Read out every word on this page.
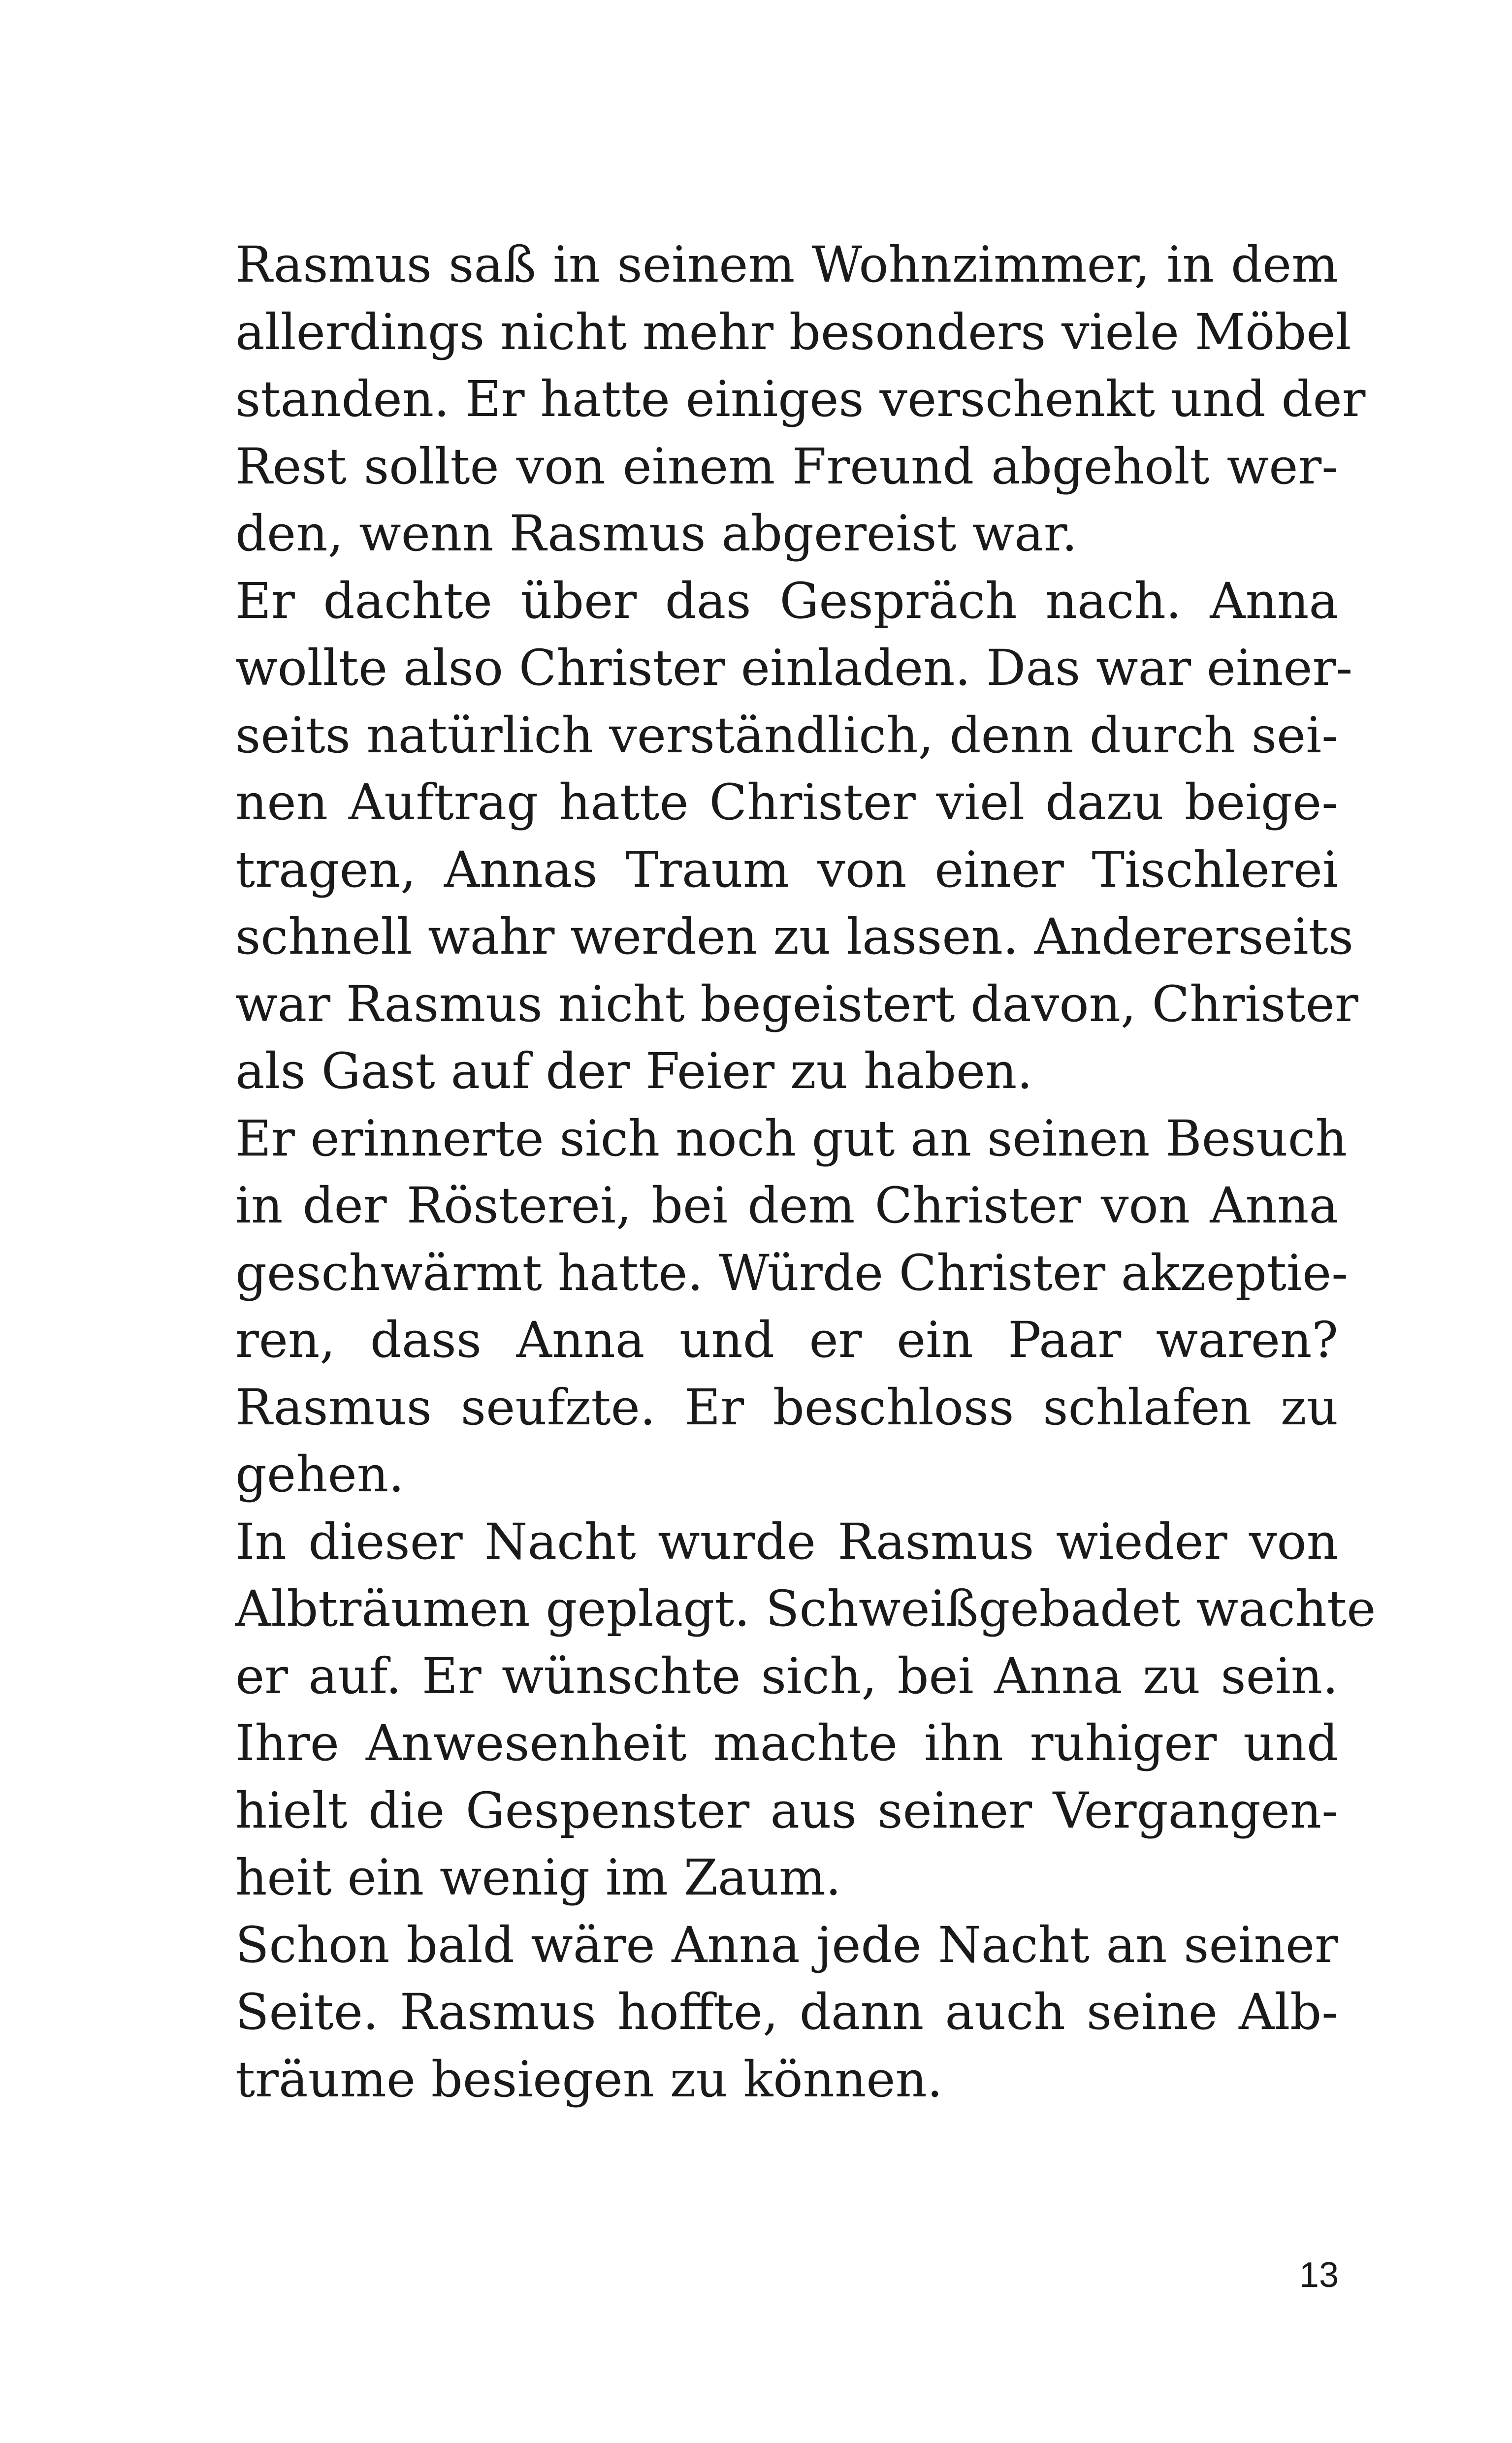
Rasmus saß in seinem Wohnzimmer, in dem
allerdings nicht mehr besonders viele Möbel
standen. Er hatte einiges verschenkt und der
Rest sollte von einem Freund abgeholt wer-
den, wenn Rasmus abgereist war.
Er dachte über das Gespräch nach. Anna
wollte also Christer einladen. Das war einer-
seits natürlich verständlich, denn durch sei-
nen Auftrag hatte Christer viel dazu beige-
tragen, Annas Traum von einer Tischlerei
schnell wahr werden zu lassen. Andererseits
war Rasmus nicht begeistert davon, Christer
als Gast auf der Feier zu haben.
Er erinnerte sich noch gut an seinen Besuch
in der Rösterei, bei dem Christer von Anna
geschwärmt hatte. Würde Christer akzeptie-
ren, dass Anna und er ein Paar waren?
Rasmus seufzte. Er beschloss schlafen zu
gehen.
In dieser Nacht wurde Rasmus wieder von
Albträumen geplagt. Schweißgebadet wachte
er auf. Er wünschte sich, bei Anna zu sein.
Ihre Anwesenheit machte ihn ruhiger und
hielt die Gespenster aus seiner Vergangen-
heit ein wenig im Zaum.
Schon bald wäre Anna jede Nacht an seiner
Seite. Rasmus hoffte, dann auch seine Alb-
träume besiegen zu können.
13
